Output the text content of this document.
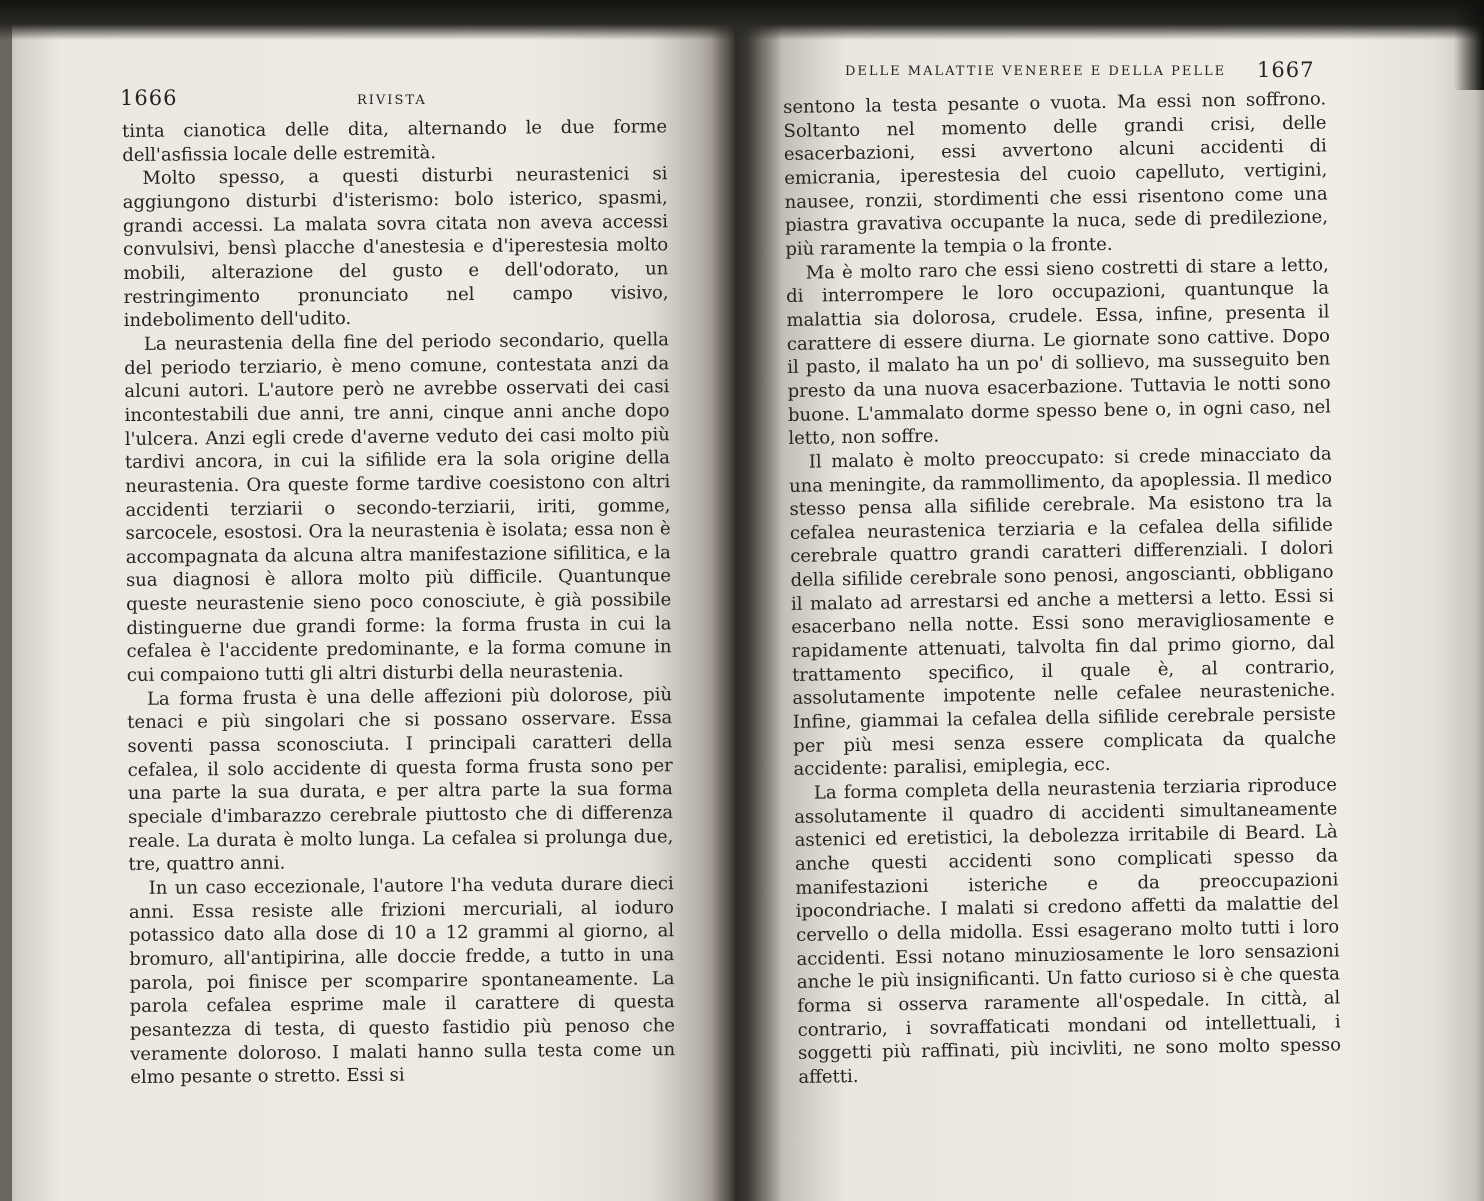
1666	RIVISTA

tinta cianotica delle dita, alternando le due forme dell'asfissia locale delle estremità.

Molto spesso, a questi disturbi neurastenici si aggiungono disturbi d'isterismo: bolo isterico, spasmi, grandi accessi. La malata sovra citata non aveva accessi convulsivi, bensì placche d'anestesia e d'iperestesia molto mobili, alterazione del gusto e dell'odorato, un restringimento pronunciato nel campo visivo, indebolimento dell'udito.

La neurastenia della fine del periodo secondario, quella del periodo terziario, è meno comune, contestata anzi da alcuni autori. L'autore però ne avrebbe osservati dei casi incontestabili due anni, tre anni, cinque anni anche dopo l'ulcera. Anzi egli crede d'averne veduto dei casi molto più tardivi ancora, in cui la sifilide era la sola origine della neurastenia. Ora queste forme tardive coesistono con altri accidenti terziarii o secondo-terziarii, iriti, gomme, sarcocele, esostosi. Ora la neurastenia è isolata; essa non è accompagnata da alcuna altra manifestazione sifilitica, e la sua diagnosi è allora molto più difficile. Quantunque queste neurastenie sieno poco conosciute, è già possibile distinguerne due grandi forme: la forma frusta in cui la cefalea è l'accidente predominante, e la forma comune in cui compaiono tutti gli altri disturbi della neurastenia.

La forma frusta è una delle affezioni più dolorose, più tenaci e più singolari che si possano osservare. Essa soventi passa sconosciuta. I principali caratteri della cefalea, il solo accidente di questa forma frusta sono per una parte la sua durata, e per altra parte la sua forma speciale d'imbarazzo cerebrale piuttosto che di differenza reale. La durata è molto lunga. La cefalea si prolunga due, tre, quattro anni.

In un caso eccezionale, l'autore l'ha veduta durare dieci anni. Essa resiste alle frizioni mercuriali, al ioduro potassico dato alla dose di 10 a 12 grammi al giorno, al bromuro, all'antipirina, alle doccie fredde, a tutto in una parola, poi finisce per scomparire spontaneamente. La parola cefalea esprime male il carattere di questa pesantezza di testa, di questo fastidio più penoso che veramente doloroso. I malati hanno sulla testa come un elmo pesante o stretto. Essi si

DELLE MALATTIE VENEREE E DELLA PELLE 1667

sentono la testa pesante o vuota. Ma essi non soffrono. Soltanto nel momento delle grandi crisi, delle esacerbazioni, essi avvertono alcuni accidenti di emicrania, iperestesia del cuoio capelluto, vertigini, nausee, ronzii, stordimenti che essi risentono come una piastra gravativa occupante la nuca, sede di predilezione, più raramente la tempia o la fronte.

Ma è molto raro che essi sieno costretti di stare a letto, di interrompere le loro occupazioni, quantunque la malattia sia dolorosa, crudele. Essa, infine, presenta il carattere di essere diurna. Le giornate sono cattive. Dopo il pasto, il malato ha un po' di sollievo, ma susseguito ben presto da una nuova esacerbazione. Tuttavia le notti sono buone. L'ammalato dorme spesso bene o, in ogni caso, nel letto, non soffre.

Il malato è molto preoccupato: si crede minacciato da una meningite, da rammollimento, da apoplessia. Il medico stesso pensa alla sifilide cerebrale. Ma esistono tra la cefalea neurastenica terziaria e la cefalea della sifilide cerebrale quattro grandi caratteri differenziali. I dolori della sifilide cerebrale sono penosi, angoscianti, obbligano il malato ad arrestarsi ed anche a mettersi a letto. Essi si esacerbano nella notte. Essi sono meravigliosamente e rapidamente attenuati, talvolta fin dal primo giorno, dal trattamento specifico, il quale è, al contrario, assolutamente impotente nelle cefalee neurasteniche. Infine, giammai la cefalea della sifilide cerebrale persiste per più mesi senza essere complicata da qualche accidente: paralisi, emiplegia, ecc.

La forma completa della neurastenia terziaria riproduce assolutamente il quadro di accidenti simultaneamente astenici ed eretistici, la debolezza irritabile di Beard. Là anche questi accidenti sono complicati spesso da manifestazioni isteriche e da preoccupazioni ipocondriache. I malati si credono affetti da malattie del cervello o della midolla. Essi esagerano molto tutti i loro accidenti. Essi notano minuziosamente le loro sensazioni anche le più insignificanti. Un fatto curioso si è che questa forma si osserva raramente all'ospedale. In città, al contrario, i sovraffaticati mondani od intellettuali, i soggetti più raffinati, più incivliti, ne sono molto spesso affetti.
